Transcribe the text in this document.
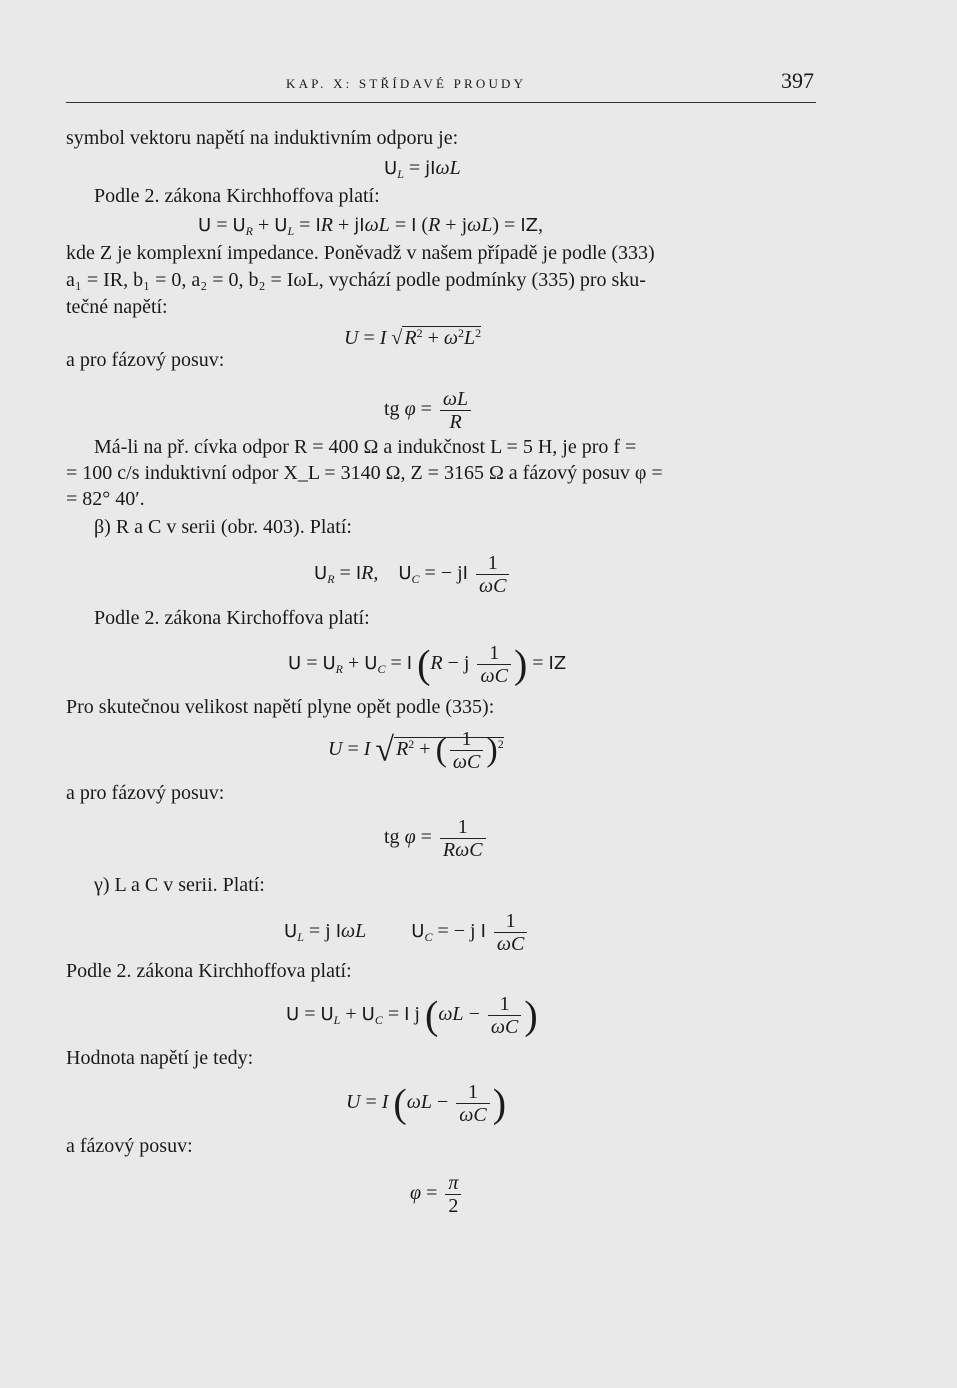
KAP. X: STŘÍDAVÉ PROUDY	397
symbol vektoru napětí na induktivním odporu je:
$U_L = jI\omega L$
Podle 2. zákona Kirchhoffova platí:
$U = U_R + U_L$ = IR + jIωL = I (R + jωL) = IZ,
kde Z je komplexní impedance. Poněvadž v našem případě je podle (333)
a₁ = IR, b₁ = 0, a₂ = 0, b₂ = IωL, vychází podle podmínky (335) pro sku-
tečné napětí:
U = I √ $R^2 + \omega^2L^2$
a pro fázový posuv:
tg $\varphi = \frac{\omega L}{R}$
Má-li na př. cívka odpor R = 400 Ω a indukčnost L = 5 H, je pro f =
= 100 c/s induktivní odpor X_L = 3140 Ω, Z = 3165 Ω a fázový posuv φ =
= 82° 40′.
β) R a C v serii (obr. 403). Platí:
$U_R$ = IR,    $U_C$ = − jI $\frac{1}{\omega C}$
Podle 2. zákona Kirchoffova platí:
$U = U_R + U_C = I$ (R − j $\frac{1}{\omega C}$ ) = IZ
Pro skutečnou velikost napětí plyne opět podle (335):
U = I √ $R^2$ + ( $\frac{1}{\omega C} )^2$
a pro fázový posuv:
tg $\varphi = \frac{1}{\text{RωC}}$
γ) L a C v serii. Platí:
$U_L = j$ IωL	$U_C$ = − j I $\frac{1}{\omega C}$
Podle 2. zákona Kirchhoffova platí:
$U = U_L + U_C = I$ j ($\omega L - \frac{1}{\omega C}$ )
Hodnota napětí je tedy:
U = I ($\omega L - \frac{1}{\omega C}$ )
a fázový posuv:
$\varphi = \frac{\pi}{2}$
